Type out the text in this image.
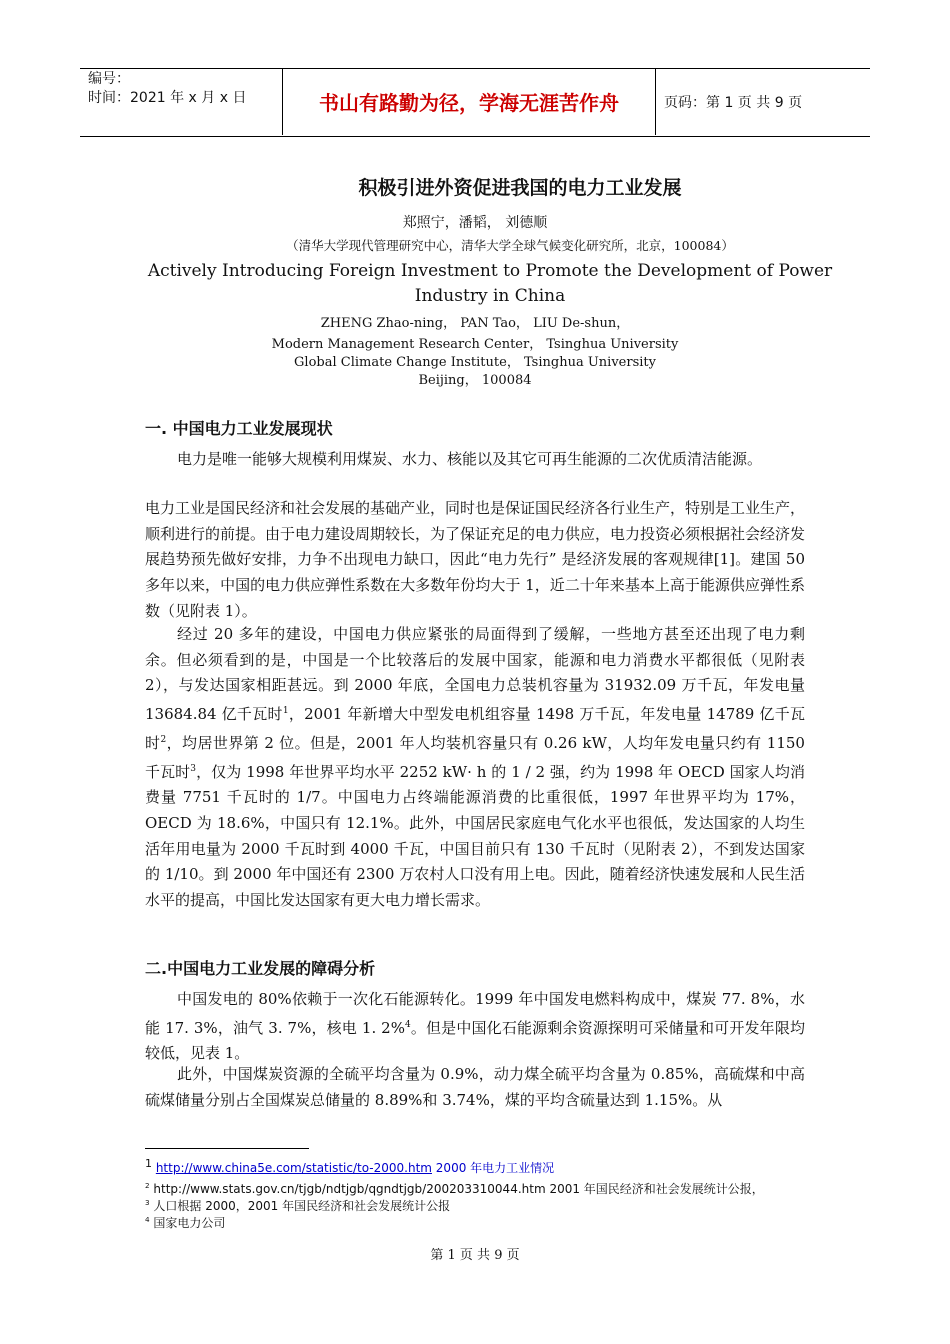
编号：
时间：2021 年 x 月 x 日	书山有路勤为径，学海无涯苦作舟	页码：第 1 页 共 9 页
积极引进外资促进我国的电力工业发展
郑照宁，潘韬， 刘德顺
（清华大学现代管理研究中心，清华大学全球气候变化研究所，北京，100084）
Actively Introducing Foreign Investment to Promote the Development of Power Industry in China
ZHENG Zhao-ning， PAN Tao， LIU De-shun，
Modern Management Research Center， Tsinghua University
Global Climate Change Institute， Tsinghua University
Beijing， 100084
一. 中国电力工业发展现状

电力是唯一能够大规模利用煤炭、水力、核能以及其它可再生能源的二次优质清洁能源。

电力工业是国民经济和社会发展的基础产业，同时也是保证国民经济各行业生产，特别是工业生产，顺利进行的前提。由于电力建设周期较长，为了保证充足的电力供应，电力投资必须根据社会经济发展趋势预先做好安排，力争不出现电力缺口，因此“电力先行” 是经济发展的客观规律[1]。建国 50 多年以来，中国的电力供应弹性系数在大多数年份均大于 1，近二十年来基本上高于能源供应弹性系数（见附表 1）。

经过 20 多年的建设，中国电力供应紧张的局面得到了缓解，一些地方甚至还出现了电力剩余。但必须看到的是，中国是一个比较落后的发展中国家，能源和电力消费水平都很低（见附表 2），与发达国家相距甚远。到 2000 年底，全国电力总装机容量为 31932.09 万千瓦，年发电量 13684.84 亿千瓦时$^1$，2001 年新增大中型发电机组容量 1498 万千瓦，年发电量 14789 亿千瓦时$^2$，均居世界第 2 位。但是，2001 年人均装机容量只有 0.26 kW，人均年发电量只约有 1150 千瓦时$^3$，仅为 1998 年世界平均水平 2252 kW· h 的 1 / 2 强，约为 1998 年 OECD 国家人均消费量 7751 千瓦时的 1/7。中国电力占终端能源消费的比重很低，1997 年世界平均为 17%，OECD 为 18.6%，中国只有 12.1%。此外，中国居民家庭电气化水平也很低，发达国家的人均生活年用电量为 2000 千瓦时到 4000 千瓦，中国目前只有 130 千瓦时（见附表 2），不到发达国家的 1/10。到 2000 年中国还有 2300 万农村人口没有用上电。因此，随着经济快速发展和人民生活水平的提高，中国比发达国家有更大电力增长需求。

二.中国电力工业发展的障碍分析

中国发电的 80%依赖于一次化石能源转化。1999 年中国发电燃料构成中，煤炭 77. 8%，水能 17. 3%，油气 3. 7%，核电 1. 2%$^4$。但是中国化石能源剩余资源探明可采储量和可开发年限均较低，见表 1。

此外，中国煤炭资源的全硫平均含量为 0.9%，动力煤全硫平均含量为 0.85%，高硫煤和中高硫煤储量分别占全国煤炭总储量的 8.89%和 3.74%，煤的平均含硫量达到 1.15%。从

$^1$ http://www.china5e.com/statistic/to-2000.htm 2000 年电力工业情况
$^2$ http://www.stats.gov.cn/tjgb/ndtjgb/qgndtjgb/200203310044.htm 2001 年国民经济和社会发展统计公报，
$^3$ 人口根据 2000，2001 年国民经济和社会发展统计公报
$^4$ 国家电力公司
第 1 页 共 9 页
